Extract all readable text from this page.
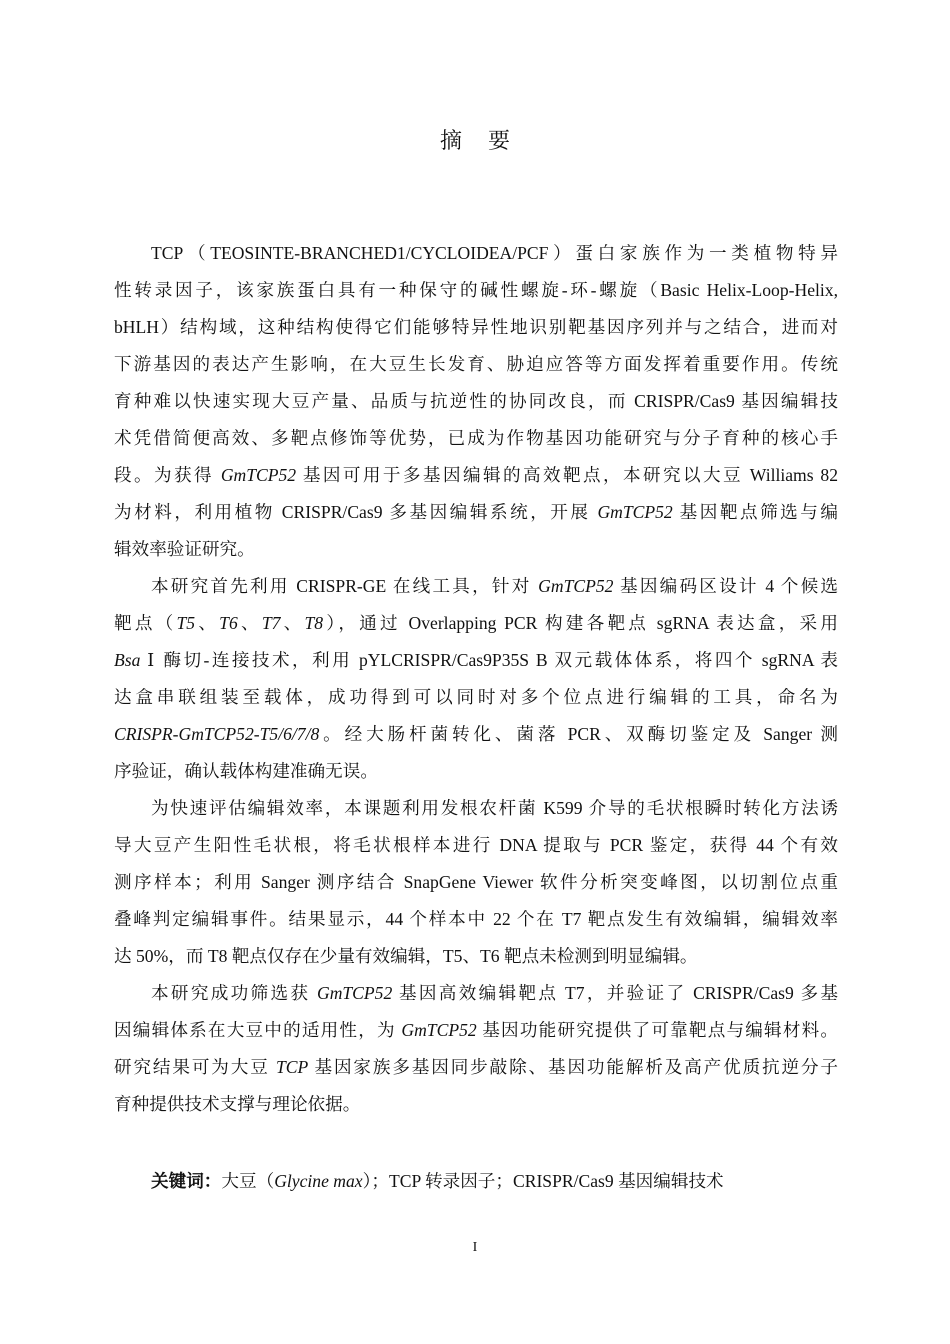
摘 要

TCP（TEOSINTE-BRANCHED1/CYCLOIDEA/PCF）蛋白家族作为一类植物特异
性转录因子，该家族蛋白具有一种保守的碱性螺旋-环-螺旋（Basic Helix-Loop-Helix,
bHLH）结构域，这种结构使得它们能够特异性地识别靶基因序列并与之结合，进而对
下游基因的表达产生影响，在大豆生长发育、胁迫应答等方面发挥着重要作用。传统
育种难以快速实现大豆产量、品质与抗逆性的协同改良，而 CRISPR/Cas9 基因编辑技
术凭借简便高效、多靶点修饰等优势，已成为作物基因功能研究与分子育种的核心手
段。为获得 GmTCP52 基因可用于多基因编辑的高效靶点，本研究以大豆 Williams 82
为材料，利用植物 CRISPR/Cas9 多基因编辑系统，开展 GmTCP52 基因靶点筛选与编
辑效率验证研究。

本研究首先利用 CRISPR-GE 在线工具，针对 GmTCP52 基因编码区设计 4 个候选
靶点（T5、T6、T7、T8），通过 Overlapping PCR 构建各靶点 sgRNA 表达盒，采用
Bsa Ⅰ 酶切-连接技术，利用 pYLCRISPR/Cas9P35S B 双元载体体系，将四个 sgRNA 表
达盒串联组装至载体，成功得到可以同时对多个位点进行编辑的工具，命名为
CRISPR-GmTCP52-T5/6/7/8。经大肠杆菌转化、菌落 PCR、双酶切鉴定及 Sanger 测
序验证，确认载体构建准确无误。

为快速评估编辑效率，本课题利用发根农杆菌 K599 介导的毛状根瞬时转化方法诱
导大豆产生阳性毛状根，将毛状根样本进行 DNA 提取与 PCR 鉴定，获得 44 个有效
测序样本；利用 Sanger 测序结合 SnapGene Viewer 软件分析突变峰图，以切割位点重
叠峰判定编辑事件。结果显示，44 个样本中 22 个在 T7 靶点发生有效编辑，编辑效率
达 50%，而 T8 靶点仅存在少量有效编辑，T5、T6 靶点未检测到明显编辑。

本研究成功筛选获 GmTCP52 基因高效编辑靶点 T7，并验证了 CRISPR/Cas9 多基
因编辑体系在大豆中的适用性，为 GmTCP52 基因功能研究提供了可靠靶点与编辑材料。
研究结果可为大豆 TCP 基因家族多基因同步敲除、基因功能解析及高产优质抗逆分子
育种提供技术支撑与理论依据。

关键词：大豆（Glycine max）；TCP 转录因子；CRISPR/Cas9 基因编辑技术
I
